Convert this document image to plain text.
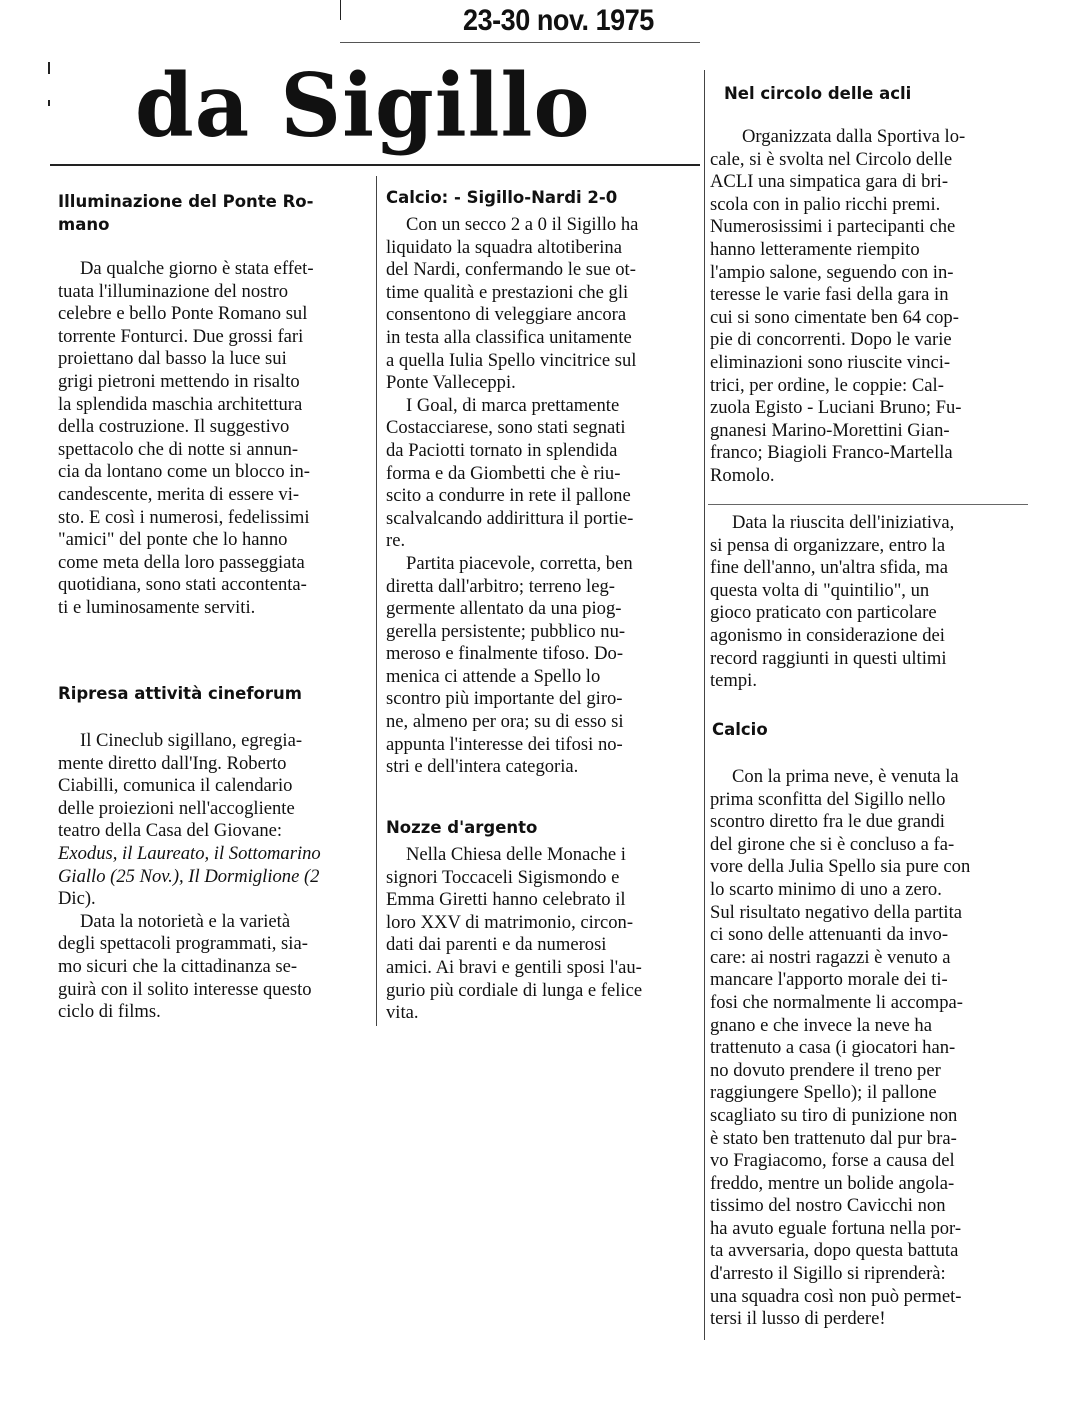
23-30 nov. 1975
da Sigillo
Illuminazione del Ponte Ro-
mano
Da qualche giorno è stata effet-
tuata l'illuminazione del nostro
celebre e bello Ponte Romano sul
torrente Fonturci. Due grossi fari
proiettano dal basso la luce sui
grigi pietroni mettendo in risalto
la splendida maschia architettura
della costruzione. Il suggestivo
spettacolo che di notte si annun-
cia da lontano come un blocco in-
candescente, merita di essere vi-
sto. E così i numerosi, fedelissimi
"amici" del ponte che lo hanno
come meta della loro passeggiata
quotidiana, sono stati accontenta-
ti e luminosamente serviti.
Ripresa attività cineforum
Il Cineclub sigillano, egregia-
mente diretto dall'Ing. Roberto
Ciabilli, comunica il calendario
delle proiezioni nell'accogliente
teatro della Casa del Giovane:
Exodus, il Laureato, il Sottomarino
Giallo (25 Nov.), Il Dormiglione (2
Dic).
Data la notorietà e la varietà
degli spettacoli programmati, sia-
mo sicuri che la cittadinanza se-
guirà con il solito interesse questo
ciclo di films.
Calcio: - Sigillo-Nardi 2-0
Con un secco 2 a 0 il Sigillo ha
liquidato la squadra altotiberina
del Nardi, confermando le sue ot-
time qualità e prestazioni che gli
consentono di veleggiare ancora
in testa alla classifica unitamente
a quella Iulia Spello vincitrice sul
Ponte Valleceppi.
I Goal, di marca prettamente
Costacciarese, sono stati segnati
da Paciotti tornato in splendida
forma e da Giombetti che è riu-
scito a condurre in rete il pallone
scalvalcando addirittura il portie-
re.
Partita piacevole, corretta, ben
diretta dall'arbitro; terreno leg-
germente allentato da una piog-
gerella persistente; pubblico nu-
meroso e finalmente tifoso. Do-
menica ci attende a Spello lo
scontro più importante del giro-
ne, almeno per ora; su di esso si
appunta l'interesse dei tifosi no-
stri e dell'intera categoria.
Nozze d'argento
Nella Chiesa delle Monache i
signori Toccaceli Sigismondo e
Emma Giretti hanno celebrato il
loro XXV di matrimonio, circon-
dati dai parenti e da numerosi
amici. Ai bravi e gentili sposi l'au-
gurio più cordiale di lunga e felice
vita.
Nel circolo delle acli
Organizzata dalla Sportiva lo-
cale, si è svolta nel Circolo delle
ACLI una simpatica gara di bri-
scola con in palio ricchi premi.
Numerosissimi i partecipanti che
hanno letteramente riempito
l'ampio salone, seguendo con in-
teresse le varie fasi della gara in
cui si sono cimentate ben 64 cop-
pie di concorrenti. Dopo le varie
eliminazioni sono riuscite vinci-
trici, per ordine, le coppie: Cal-
zuola Egisto - Luciani Bruno; Fu-
gnanesi Marino-Morettini Gian-
franco; Biagioli Franco-Martella
Romolo.
Data la riuscita dell'iniziativa,
si pensa di organizzare, entro la
fine dell'anno, un'altra sfida, ma
questa volta di "quintilio", un
gioco praticato con particolare
agonismo in considerazione dei
record raggiunti in questi ultimi
tempi.
Calcio
Con la prima neve, è venuta la
prima sconfitta del Sigillo nello
scontro diretto fra le due grandi
del girone che si è concluso a fa-
vore della Julia Spello sia pure con
lo scarto minimo di uno a zero.
Sul risultato negativo della partita
ci sono delle attenuanti da invo-
care: ai nostri ragazzi è venuto a
mancare l'apporto morale dei ti-
fosi che normalmente li accompa-
gnano e che invece la neve ha
trattenuto a casa (i giocatori han-
no dovuto prendere il treno per
raggiungere Spello); il pallone
scagliato su tiro di punizione non
è stato ben trattenuto dal pur bra-
vo Fragiacomo, forse a causa del
freddo, mentre un bolide angola-
tissimo del nostro Cavicchi non
ha avuto eguale fortuna nella por-
ta avversaria, dopo questa battuta
d'arresto il Sigillo si riprenderà:
una squadra così non può permet-
tersi il lusso di perdere!
